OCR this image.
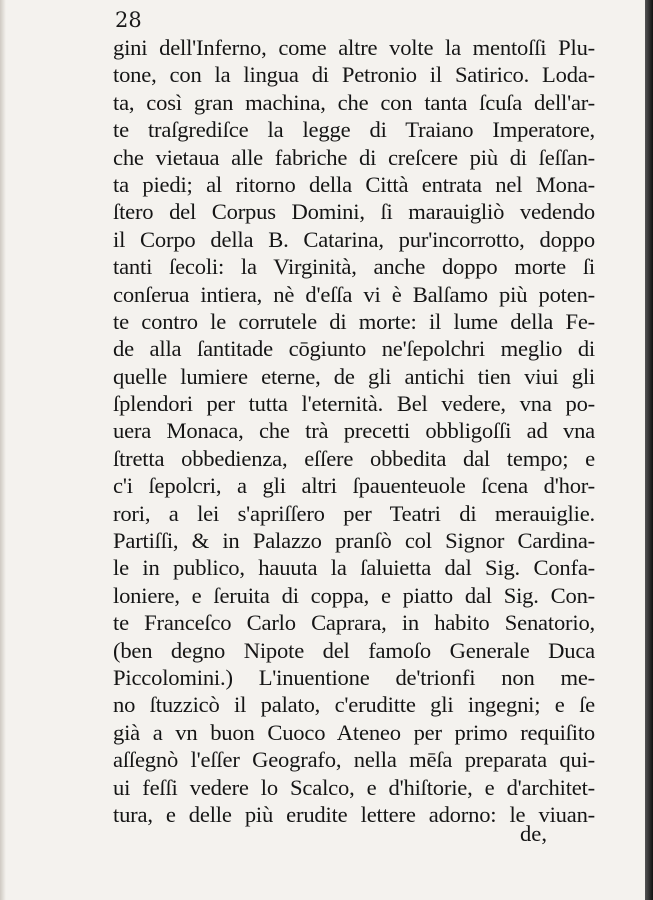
28
gini dell'Inferno, come altre volte la mentoſſi Plu-
tone, con la lingua di Petronio il Satirico. Loda-
ta, così gran machina, che con tanta ſcuſa dell'ar-
te traſgrediſce la legge di Traiano Imperatore,
che vietaua alle fabriche di creſcere più di ſeſſan-
ta piedi; al ritorno della Città entrata nel Mona-
ſtero del Corpus Domini, ſi marauigliò vedendo
il Corpo della B. Catarina, pur'incorrotto, doppo
tanti ſecoli: la Virginità, anche doppo morte ſi
conſerua intiera, nè d'eſſa vi è Balſamo più poten-
te contro le corrutele di morte: il lume della Fe-
de alla ſantitade cōgiunto ne'ſepolchri meglio di
quelle lumiere eterne, de gli antichi tien viui gli
ſplendori per tutta l'eternità. Bel vedere, vna po-
uera Monaca, che trà precetti obbligoſſi ad vna
ſtretta obbedienza, eſſere obbedita dal tempo; e
c'i ſepolcri, a gli altri ſpauenteuole ſcena d'hor-
rori, a lei s'apriſſero per Teatri di merauiglie.
Partiſſi, & in Palazzo pranſò col Signor Cardina-
le in publico, hauuta la ſaluietta dal Sig. Confa-
loniere, e ſeruita di coppa, e piatto dal Sig. Con-
te Franceſco Carlo Caprara, in habito Senatorio,
(ben degno Nipote del famoſo Generale Duca
Piccolomini.) L'inuentione de'trionfi non me-
no ſtuzzicò il palato, c'eruditte gli ingegni; e ſe
già a vn buon Cuoco Ateneo per primo requiſito
aſſegnò l'eſſer Geografo, nella mēſa preparata qui-
ui feſſi vedere lo Scalco, e d'hiſtorie, e d'architet-
tura, e delle più erudite lettere adorno: le viuan-
de,
